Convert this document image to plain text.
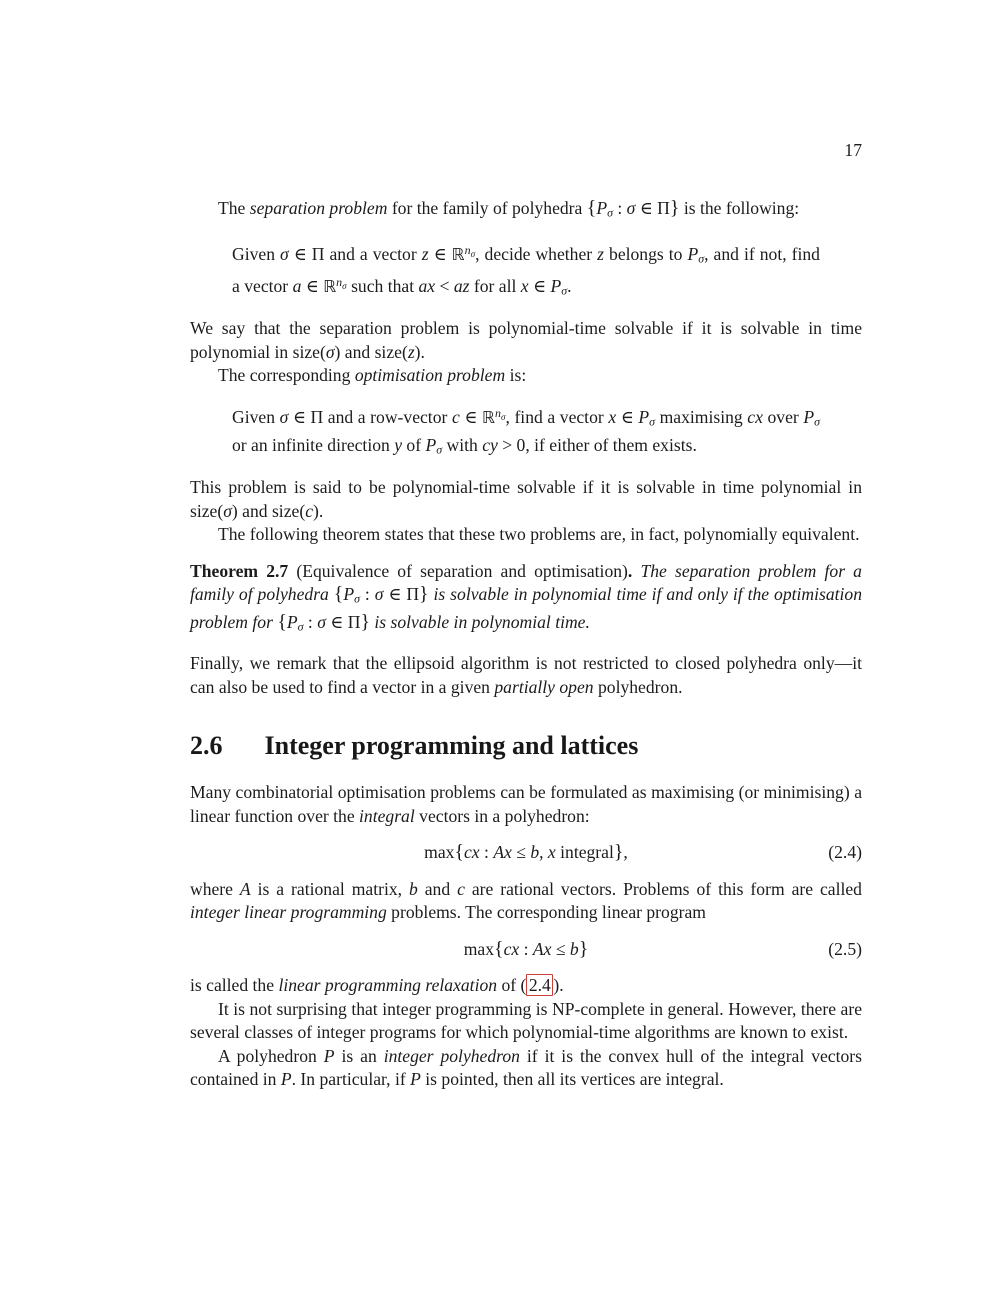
17

The separation problem for the family of polyhedra {$P_\sigma$ : σ ∈ Π} is the following:

Given σ ∈ Π and a vector z ∈ ℝ$^n$σ, decide whether z belongs to $P_\sigma$, and if not, find a vector a ∈ ℝ$^n$σ such that ax < az for all x ∈ $P_\sigma$.

We say that the separation problem is polynomial-time solvable if it is solvable in time polynomial in size(σ) and size(z).

The corresponding optimisation problem is:

Given σ ∈ Π and a row-vector c ∈ ℝ$^n$σ, find a vector x ∈ $P_\sigma$ maximising cx over $P_\sigma$ or an infinite direction y of $P_\sigma$ with cy > 0, if either of them exists.

This problem is said to be polynomial-time solvable if it is solvable in time polynomial in size(σ) and size(c).

The following theorem states that these two problems are, in fact, polynomially equivalent.

Theorem 2.7 (Equivalence of separation and optimisation). The separation problem for a family of polyhedra {$P_\sigma$ : σ ∈ Π} is solvable in polynomial time if and only if the optimisation problem for {$P_\sigma$ : σ ∈ Π} is solvable in polynomial time.

Finally, we remark that the ellipsoid algorithm is not restricted to closed polyhedra only—it can also be used to find a vector in a given partially open polyhedron.

2.6 Integer programming and lattices

Many combinatorial optimisation problems can be formulated as maximising (or minimising) a linear function over the integral vectors in a polyhedron:

max{cx : Ax ≤ b, x integral},	(2.4)

where A is a rational matrix, b and c are rational vectors. Problems of this form are called integer linear programming problems. The corresponding linear program

max{cx : Ax ≤ b}	(2.5)

is called the linear programming relaxation of ( 2.4 ).

It is not surprising that integer programming is NP-complete in general. However, there are several classes of integer programs for which polynomial-time algorithms are known to exist.

A polyhedron P is an integer polyhedron if it is the convex hull of the integral vectors contained in P. In particular, if P is pointed, then all its vertices are integral.
